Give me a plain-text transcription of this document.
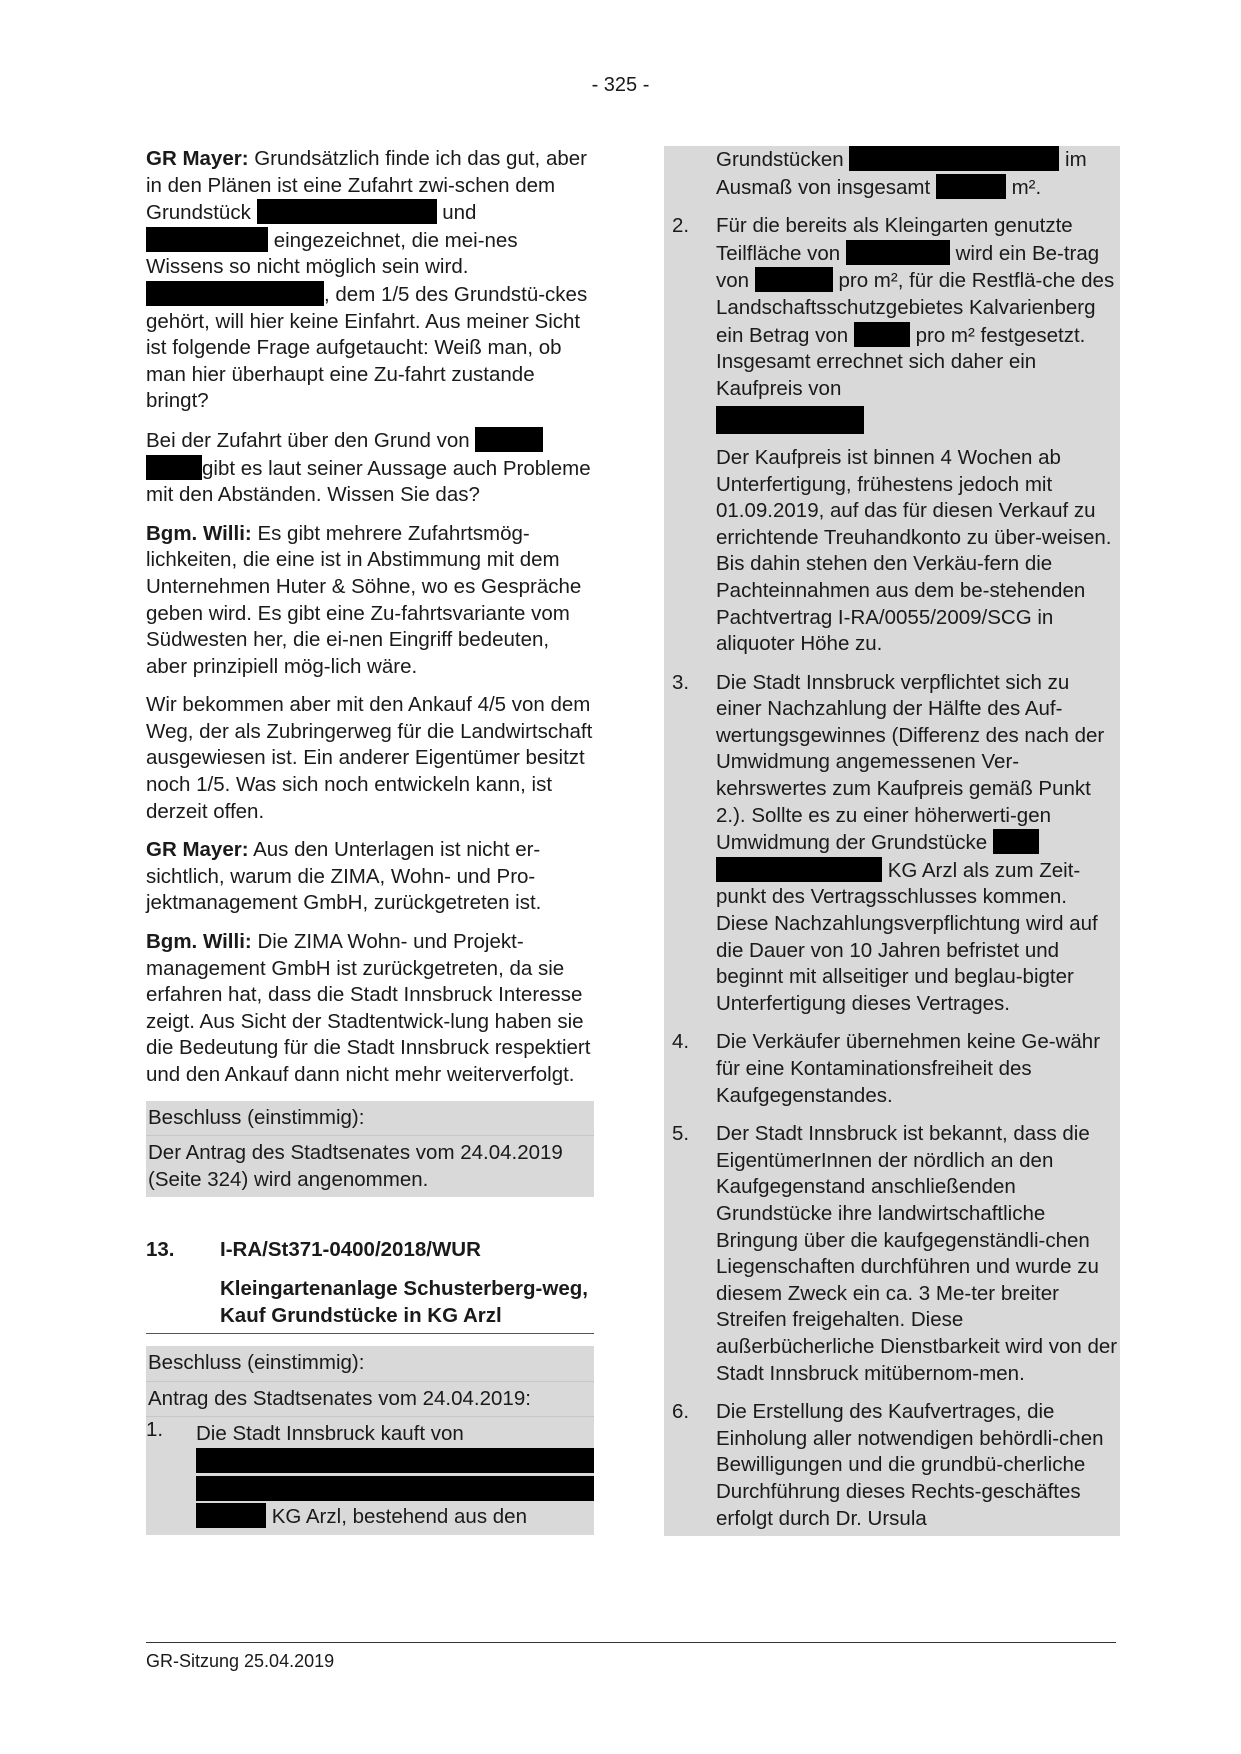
- 325 -

GR Mayer: Grundsätzlich finde ich das gut, aber in den Plänen ist eine Zufahrt zwi-schen dem Grundstück	und  eingezeichnet, die mei-nes Wissens so nicht möglich sein wird. , dem 1/5 des Grundstü-ckes gehört, will hier keine Einfahrt. Aus meiner Sicht ist folgende Frage aufgetaucht: Weiß man, ob man hier überhaupt eine Zu-fahrt zustande bringt?

Bei der Zufahrt über den Grund von  gibt es laut seiner Aussage auch Probleme mit den Abständen. Wissen Sie das?

Bgm. Willi: Es gibt mehrere Zufahrtsmög-lichkeiten, die eine ist in Abstimmung mit dem Unternehmen Huter & Söhne, wo es Gespräche geben wird. Es gibt eine Zu-fahrtsvariante vom Südwesten her, die ei-nen Eingriff bedeuten, aber prinzipiell mög-lich wäre.

Wir bekommen aber mit den Ankauf 4/5 von dem Weg, der als Zubringerweg für die Landwirtschaft ausgewiesen ist. Ein anderer Eigentümer besitzt noch 1/5. Was sich noch entwickeln kann, ist derzeit offen.

GR Mayer: Aus den Unterlagen ist nicht er-sichtlich, warum die ZIMA, Wohn- und Pro-jektmanagement GmbH, zurückgetreten ist.

Bgm. Willi: Die ZIMA Wohn- und Projekt-management GmbH ist zurückgetreten, da sie erfahren hat, dass die Stadt Innsbruck Interesse zeigt. Aus Sicht der Stadtentwick-lung haben sie die Bedeutung für die Stadt Innsbruck respektiert und den Ankauf dann nicht mehr weiterverfolgt.

Beschluss (einstimmig):
Der Antrag des Stadtsenates vom 24.04.2019 (Seite 324) wird angenommen.
13.	I-RA/St371-0400/2018/WUR
Kleingartenanlage Schusterberg-weg, Kauf Grundstücke in KG Arzl
Beschluss (einstimmig):
Antrag des Stadtsenates vom 24.04.2019:
1. Die Stadt Innsbruck kauft von

KG Arzl, bestehend aus den
Grundstücken	im
Ausmaß von insgesamt	m².
2. Für die bereits als Kleingarten genutzte Teilfläche von	wird ein Be-trag von	pro m², für die Restflä-che des Landschaftsschutzgebietes Kalvarienberg ein Betrag von	pro m² festgesetzt. Insgesamt errechnet sich daher ein Kaufpreis von

Der Kaufpreis ist binnen 4 Wochen ab Unterfertigung, frühestens jedoch mit 01.09.2019, auf das für diesen Verkauf zu errichtende Treuhandkonto zu über-weisen. Bis dahin stehen den Verkäu-fern die Pachteinnahmen aus dem be-stehenden Pachtvertrag I-RA/0055/2009/SCG in aliquoter Höhe zu.
3. Die Stadt Innsbruck verpflichtet sich zu einer Nachzahlung der Hälfte des Auf-wertungsgewinnes (Differenz des nach der Umwidmung angemessenen Ver-kehrswertes zum Kaufpreis gemäß Punkt 2.). Sollte es zu einer höherwerti-gen Umwidmung der Grundstücke   KG Arzl als zum Zeit-punkt des Vertragsschlusses kommen. Diese Nachzahlungsverpflichtung wird auf die Dauer von 10 Jahren befristet und beginnt mit allseitiger und beglau-bigter Unterfertigung dieses Vertrages.
4. Die Verkäufer übernehmen keine Ge-währ für eine Kontaminationsfreiheit des Kaufgegenstandes.
5. Der Stadt Innsbruck ist bekannt, dass die EigentümerInnen der nördlich an den Kaufgegenstand anschließenden Grundstücke ihre landwirtschaftliche Bringung über die kaufgegenständli-chen Liegenschaften durchführen und wurde zu diesem Zweck ein ca. 3 Me-ter breiter Streifen freigehalten. Diese außerbücherliche Dienstbarkeit wird von der Stadt Innsbruck mitübernom-men.
6. Die Erstellung des Kaufvertrages, die Einholung aller notwendigen behördli-chen Bewilligungen und die grundbü-cherliche Durchführung dieses Rechts-geschäftes erfolgt durch Dr. Ursula
GR-Sitzung 25.04.2019
